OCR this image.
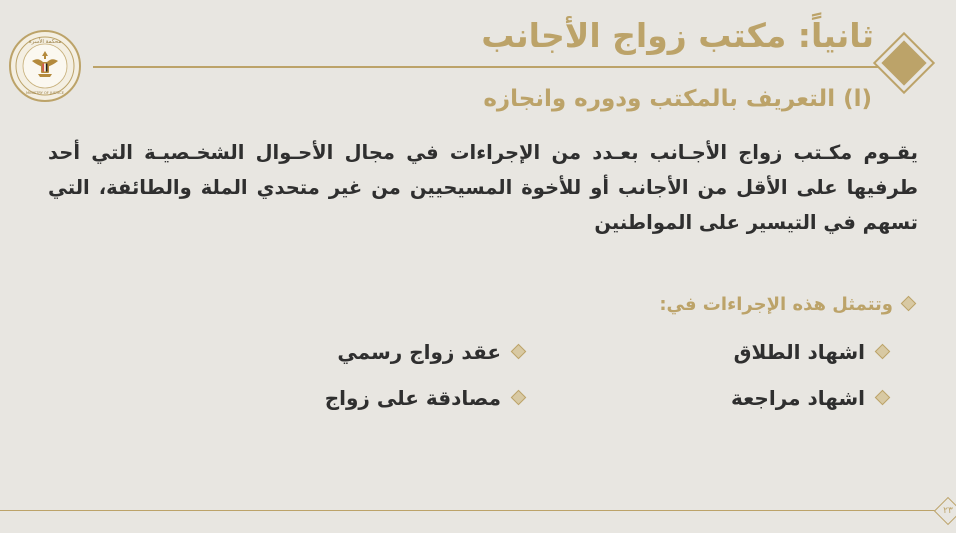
محكمة الأسرة
MINISTRY OF JUSTICE
ثانياً: مكتب زواج الأجانب
(ا) التعريف بالمكتب ودوره وانجازه
يقـوم مكـتب زواج الأجـانب بعـدد من الإجراءات في مجال الأحـوال الشخـصيـة التي أحد طرفيها على الأقل من الأجانب أو للأخوة المسيحيين من غير متحدي الملة والطائفة، التي تسهم في التيسير على المواطنين
وتتمثل هذه الإجراءات في:
اشهاد الطلاق
عقد زواج رسمي
اشهاد مراجعة
مصادقة على زواج
٢٣
